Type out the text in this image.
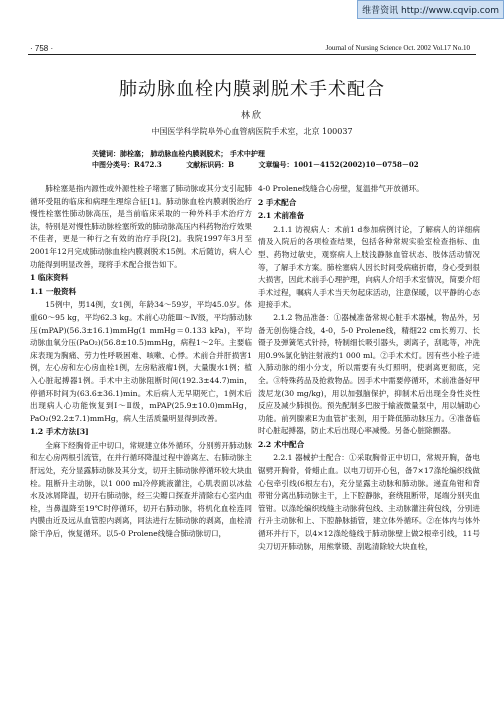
维普资讯 http://www.cqvip.com
· 758 ·	Journal of Nursing Science Oct. 2002 Vol.17 No.10
肺动脉血栓内膜剥脱术手术配合
林欣
中国医学科学院阜外心血管病医院手术室，北京 100037
关键词：肺栓塞； 肺动脉血栓内膜剥脱术； 手术中护理
中图分类号：R472.3	文献标识码：B	文章编号：1001－4152(2002)10－0758－02

肺栓塞是指内源性或外源性栓子堵塞了肺动脉或其分支引起肺循环受阻的临床和病理生理综合征[1]。肺动脉血栓内膜剥脱治疗慢性栓塞性肺动脉高压，是当前临床采取的一种外科手术治疗方法，特别是对慢性肺动脉栓塞所致的肺动脉高压内科药物治疗效果不佳者，更是一种行之有效的治疗手段[2]。我院1997年3月至2001年12月完成肺动脉血栓内膜剥脱术15例。术后随访，病人心功能得到明显改善，现将手术配合报告如下。

1 临床资料

1.1 一般资料

15例中，男14例，女1例，年龄34～59岁，平均45.0岁。体重60～95 kg，平均62.3 kg。术前心功能Ⅲ～Ⅳ级，平均肺动脉压(mPAP)(56.3±16.1)mmHg(1 mmHg＝0.133 kPa)，平均动脉血氧分压(PaO₂)(56.8±10.5)mmHg，病程1～2年。主要临床表现为胸痛、劳力性呼吸困难、咳嗽、心悸。术前合并肝损害1例，左心房和左心房血栓1例，左房粘液瘤1例，大量腹水1例；植入心脏起搏器1例。手术中主动脉阻断时间(192.3±44.7)min，停循环时间为(63.6±36.1)min。术后病人无早期死亡，1例术后出现病人心功能恢复到Ⅰ～Ⅱ级，mPAP(25.9±10.0)mmHg，PaO₂(92.2±7.1)mmHg，病人生活质量明显得到改善。

1.2 手术方法[3]

全麻下经胸骨正中切口，常规建立体外循环，分别剪开肺动脉和左心房两根引流管，在并行循环降温过程中游离左、右肺动脉主肝远处，充分显露肺动脉及其分支，切开主肺动脉停循环较大块血栓。阻断升主动脉，以1 000 ml冷停跳液灌注，心肌表面以冰盐水及冰屑降温，切开右肺动脉，经三尖瓣口探查并清除右心室内血栓，当鼻温降至19℃时停循环，切开右肺动脉，将机化血栓连同内膜由近及远从血管腔内剥离，同法进行左肺动脉的剥离，血栓清除干净后，恢复循环。以5-0 Prolene线缝合肺动脉切口，

4-0 Prolene线缝合心房壁，复温排气开放循环。

2 手术配合

2.1 术前准备

2.1.1 访视病人：术前1 d参加病例讨论，了解病人的详细病情及入院后的各项检查结果，包括各种常规实验室检查指标、血型、药物过敏史，观察病人上肢浅静脉血管状态、肢体活动情况等，了解手术方案。肺栓塞病人因长时间受病痛折磨，身心受到很大损害，因此术前手心理护理，向病人介绍手术室情况，简要介绍手术过程，嘱病人手术当天勿起床活动，注意保暖，以平静的心态迎接手术。

2.1.2 物品准备：①器械准备常规心脏手术器械，物品外，另备无创伤缝合线，4-0，5-0 Prolene线，精细22 cm长剪刀、长镊子及弹簧笔式针持，特制细长吸引器头，剥离子，刮匙等，冲洗用0.9%氯化钠注射液约1 000 ml。②手术术灯。因有些小栓子进入肺动脉的细小分支，所以需要有头灯照明，使剥离更彻底，完全。③特殊药品及抢救物品。因手术中需要停循环，术前准备好甲泼尼龙(30 mg/kg)，用以加强脑保护，抑制术后出现全身性炎性反应及减少肺损伤。预先配制多巴胺于输液微量泵中，用以辅助心功能。前列腺素E为血管扩张剂，用于降低肺动脉压力。④准备临时心脏起搏器，防止术后出现心率减慢。另备心脏除颤器。

2.2 术中配合

2.2.1 器械护士配合：①采取胸骨正中切口，常规开胸，备电锯劈开胸骨，骨蜡止血。以电刀切开心包，备7×17涤纶编织线做心包牵引线(6根左右)，充分显露主动脉和肺动脉。递直角钳和背带钳分离出肺动脉主干，上下腔静脉，套绕阻断带，尾端分别夹血管钳。以涤纶编织线缝主动脉荷包线、主动脉灌注荷包线，分别进行升主动脉和上、下腔静脉插管，建立体外循环。②在体内与体外循环并行下，以4×12涤纶缝线于肺动脉壁上做2根牵引线，11号尖刀切开肺动脉，用熊掌镊、刮匙清除较大块血栓，
